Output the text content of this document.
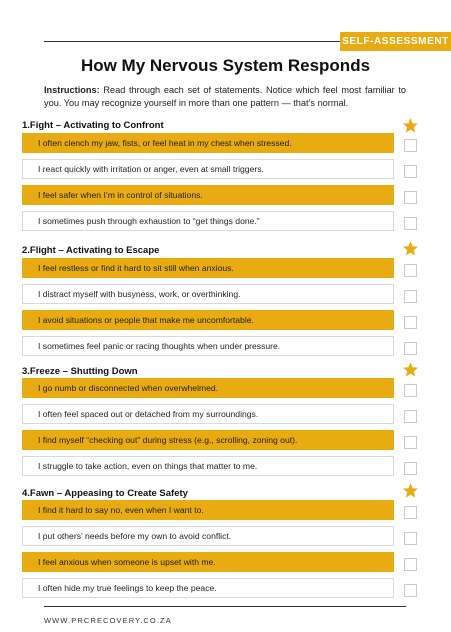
SELF-ASSESSMENT
How My Nervous System Responds
Instructions: Read through each set of statements. Notice which feel most familiar to you. You may recognize yourself in more than one pattern — that’s normal.
1.Fight – Activating to Confront
I often clench my jaw, fists, or feel heat in my chest when stressed.
I react quickly with irritation or anger, even at small triggers.
I feel safer when I’m in control of situations.
I sometimes push through exhaustion to “get things done.”
2.Flight – Activating to Escape
I feel restless or find it hard to sit still when anxious.
I distract myself with busyness, work, or overthinking.
I avoid situations or people that make me uncomfortable.
I sometimes feel panic or racing thoughts when under pressure.
3.Freeze – Shutting Down
I go numb or disconnected when overwhelmed.
I often feel spaced out or detached from my surroundings.
I find myself “checking out” during stress (e.g., scrolling, zoning out).
I struggle to take action, even on things that matter to me.
4.Fawn – Appeasing to Create Safety
I find it hard to say no, even when I want to.
I put others’ needs before my own to avoid conflict.
I feel anxious when someone is upset with me.
I often hide my true feelings to keep the peace.
WWW.PRCRECOVERY.CO.ZA
